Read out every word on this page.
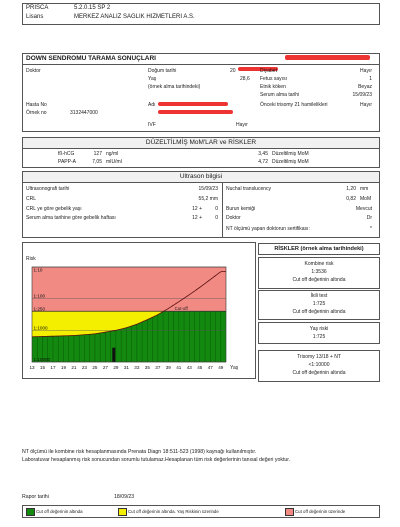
PRISCA	5.2.0.15 SP 2
Lisans	MERKEZ ANALIZ SAGLIK HIZMETLERI A.S.
DOWN SENDROMU TARAMA SONUÇLARI
Doktor	Doğum tarihi	20
Yaş	28,6
(örnek alma tarihindeki)
Diyabet	Hayır
Fetus sayısı	1
Etnik köken	Beyaz
Serum alma tarihi	15/09/23
Hasta No
Örnek no	3132447000
Adı	Önceki trisomy 21 hamilelikleri	Hayır
IVF	Hayır
DÜZELTİLMİŞ MoM'LAR ve RİSKLER
fß-hCG	127 ng/ml	3,45 Düzeltilmiş MoM
PAPP-A	7,05 mIU/ml	4,72 Düzeltilmiş MoM
Ultrason bilgisi
Ultrasonografi tarihi	15/09/23
CRL	55,2 mm
CRL ye göre gebelik yaşı	12 +	0
Serum alma tarihine göre gebelik haftası	12 +	0
Nuchal translucency	1,20 mm
0,82 MoM
Burun kemiği	Mevcut
Doktor	Dr
NT ölçümü yapan doktorun sertifikası:	*
Risk
1:10
1:100
1:250
1:1000
1:10000
13 15 17 19 21 23 25 27 29 31 33 35 37 39 41 43 45 47 49
Cut-off
Yaş
RİSKLER (örnek alma tarihindeki)
Kombine risk
1:3536
Cut off değerinin altında
İkili test
1:725
Cut off değerinin altında
Yaş riski
1:725
Trisomy 13/18 + NT
<1:10000
Cut off değerinin altında
NT ölçümü ile kombine risk hesaplanmasında Prenata Diagn 18:511-523 (1998) kaynağı kullanılmıştır.
Laboratuvar hesaplanmış risk sonucundan sorumlu tutulamaz.Hesaplanan tüm risk değerlerinin tanısal değeri yoktur.
Rapor tarihi	18/09/23
Cut off değerinin altında	Cut off değerinin altında. Yaş Riskinin üzerinde	Cut off değerinin üzerinde
